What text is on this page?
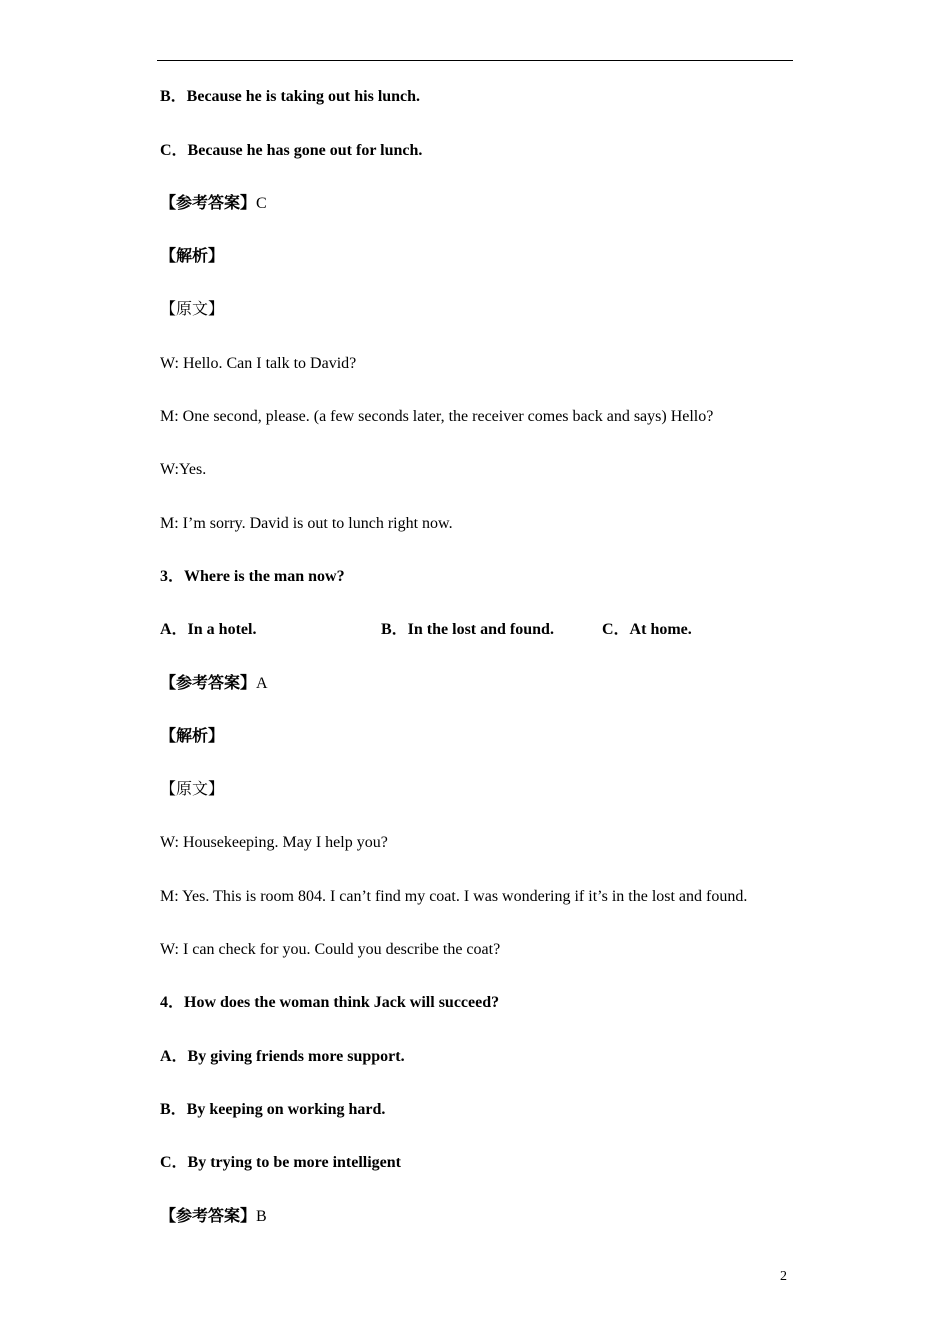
B．Because he is taking out his lunch.
C．Because he has gone out for lunch.
【参考答案】C
【解析】
【原文】
W: Hello. Can I talk to David?
M: One second, please. (a few seconds later, the receiver comes back and says) Hello?
W:Yes.
M: I’m sorry. David is out to lunch right now.
3．Where is the man now?
A．In a hotel.	B．In the lost and found.	C．At home.
【参考答案】A
【解析】
【原文】
W: Housekeeping. May I help you?
M: Yes. This is room 804. I can’t find my coat. I was wondering if it’s in the lost and found.
W: I can check for you. Could you describe the coat?
4．How does the woman think Jack will succeed?
A．By giving friends more support.
B．By keeping on working hard.
C．By trying to be more intelligent
【参考答案】B
2
